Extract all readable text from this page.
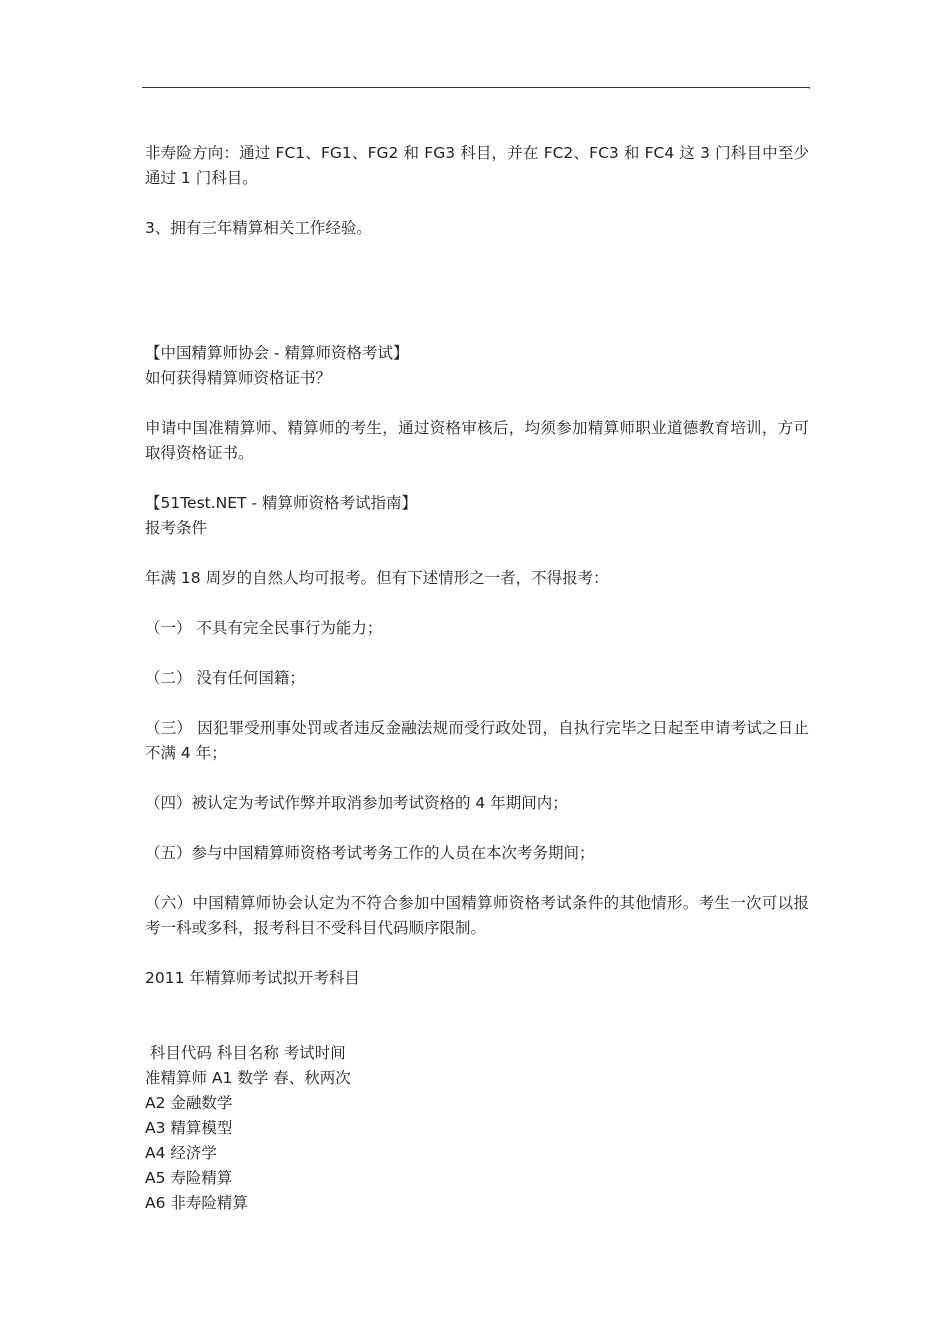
,

非寿险方向：通过 FC1、FG1、FG2 和 FG3 科目，并在 FC2、FC3 和 FC4 这 3 门科目中至少通过 1 门科目。

3、拥有三年精算相关工作经验。

【中国精算师协会 - 精算师资格考试】

如何获得精算师资格证书？

申请中国准精算师、精算师的考生，通过资格审核后，均须参加精算师职业道德教育培训，方可取得资格证书。

【51Test.NET - 精算师资格考试指南】

报考条件

年满 18 周岁的自然人均可报考。但有下述情形之一者，不得报考：

（一） 不具有完全民事行为能力；

（二） 没有任何国籍；

（三） 因犯罪受刑事处罚或者违反金融法规而受行政处罚，自执行完毕之日起至申请考试之日止不满 4 年；

（四）被认定为考试作弊并取消参加考试资格的 4 年期间内；

（五）参与中国精算师资格考试考务工作的人员在本次考务期间；

（六）中国精算师协会认定为不符合参加中国精算师资格考试条件的其他情形。考生一次可以报考一科或多科，报考科目不受科目代码顺序限制。

2011 年精算师考试拟开考科目

科目代码 科目名称 考试时间

准精算师 A1 数学 春、秋两次

A2 金融数学

A3 精算模型

A4 经济学

A5 寿险精算

A6 非寿险精算
